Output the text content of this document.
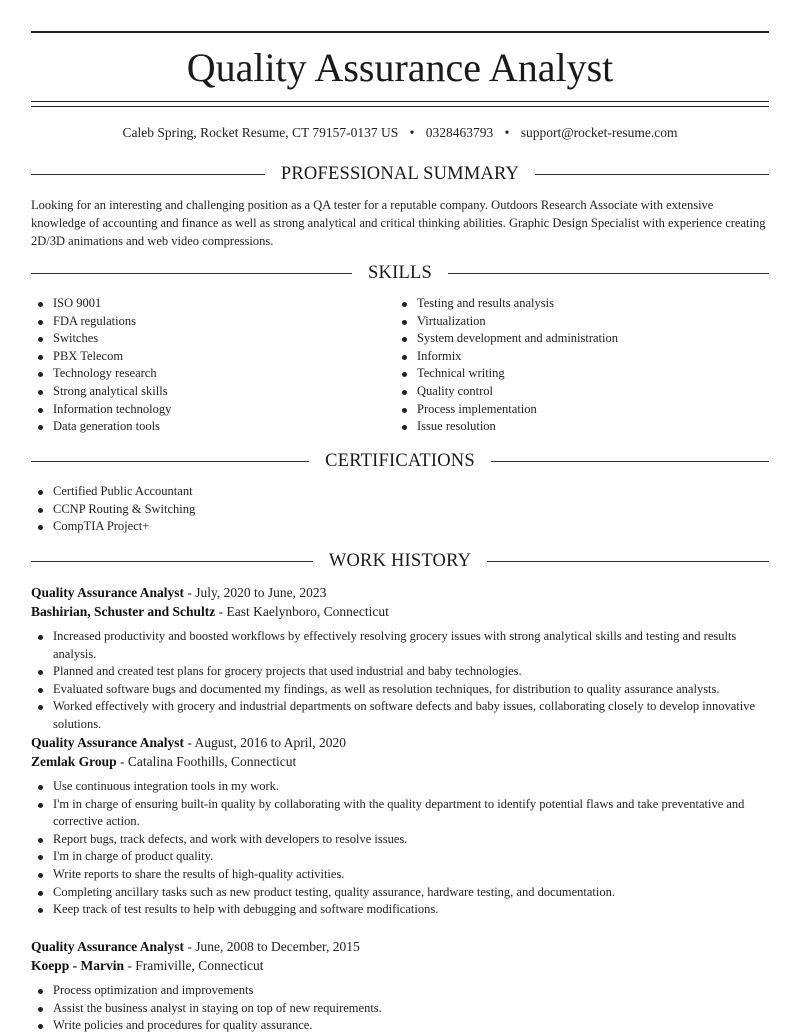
Quality Assurance Analyst
Caleb Spring, Rocket Resume, CT 79157-0137 US • 0328463793 • support@rocket-resume.com
PROFESSIONAL SUMMARY

Looking for an interesting and challenging position as a QA tester for a reputable company. Outdoors Research Associate with extensive knowledge of accounting and finance as well as strong analytical and critical thinking abilities. Graphic Design Specialist with experience creating 2D/3D animations and web video compressions.

SKILLS
ISO 9001
FDA regulations
Switches
PBX Telecom
Technology research
Strong analytical skills
Information technology
Data generation tools
Testing and results analysis
Virtualization
System development and administration
Informix
Technical writing
Quality control
Process implementation
Issue resolution
CERTIFICATIONS
Certified Public Accountant
CCNP Routing & Switching
CompTIA Project+
WORK HISTORY
Quality Assurance Analyst - July, 2020 to June, 2023
Bashirian, Schuster and Schultz - East Kaelynboro, Connecticut
Increased productivity and boosted workflows by effectively resolving grocery issues with strong analytical skills and testing and results analysis.
Planned and created test plans for grocery projects that used industrial and baby technologies.
Evaluated software bugs and documented my findings, as well as resolution techniques, for distribution to quality assurance analysts.
Worked effectively with grocery and industrial departments on software defects and baby issues, collaborating closely to develop innovative solutions.
Quality Assurance Analyst - August, 2016 to April, 2020
Zemlak Group - Catalina Foothills, Connecticut
Use continuous integration tools in my work.
I'm in charge of ensuring built-in quality by collaborating with the quality department to identify potential flaws and take preventative and corrective action.
Report bugs, track defects, and work with developers to resolve issues.
I'm in charge of product quality.
Write reports to share the results of high-quality activities.
Completing ancillary tasks such as new product testing, quality assurance, hardware testing, and documentation.
Keep track of test results to help with debugging and software modifications.
Quality Assurance Analyst - June, 2008 to December, 2015
Koepp - Marvin - Framiville, Connecticut
Process optimization and improvements
Assist the business analyst in staying on top of new requirements.
Write policies and procedures for quality assurance.
